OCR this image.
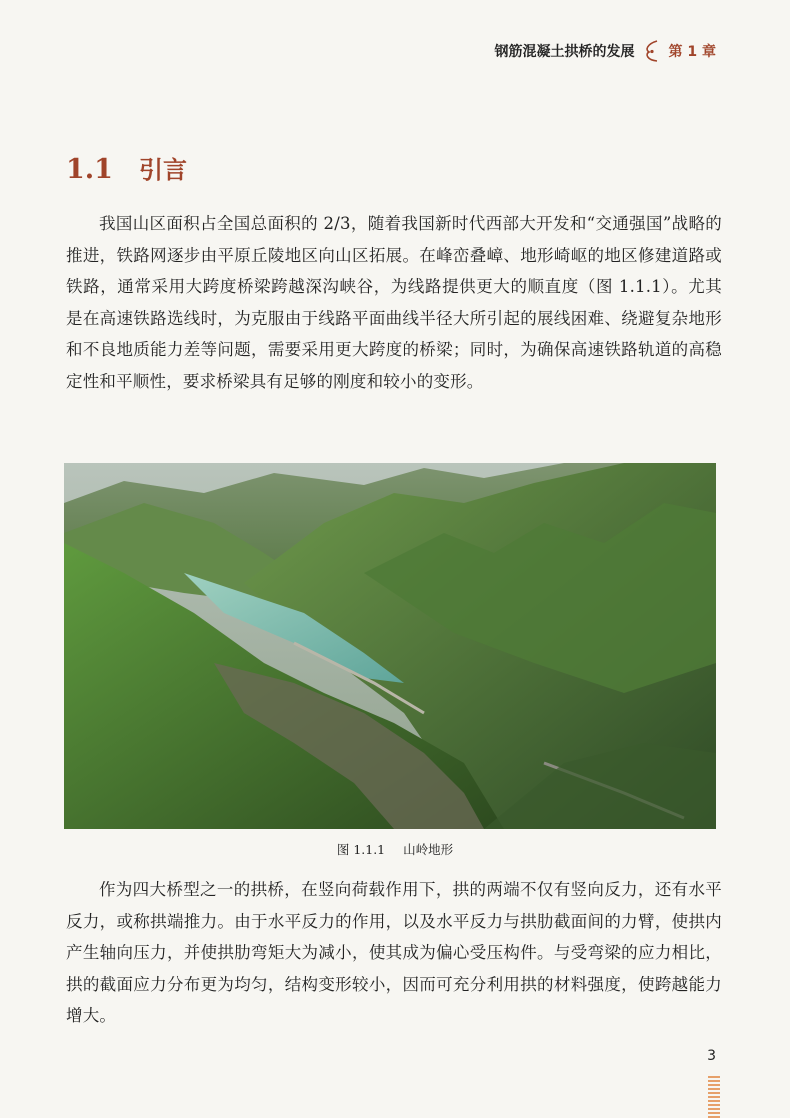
钢筋混凝土拱桥的发展 第 1 章
1.1 引言
我国山区面积占全国总面积的 2/3，随着我国新时代西部大开发和“交通强国”战略的推进，铁路网逐步由平原丘陵地区向山区拓展。在峰峦叠嶂、地形崎岖的地区修建道路或铁路，通常采用大跨度桥梁跨越深沟峡谷，为线路提供更大的顺直度（图 1.1.1）。尤其是在高速铁路选线时，为克服由于线路平面曲线半径大所引起的展线困难、绕避复杂地形和不良地质能力差等问题，需要采用更大跨度的桥梁；同时，为确保高速铁路轨道的高稳定性和平顺性，要求桥梁具有足够的刚度和较小的变形。
图 1.1.1 山岭地形
作为四大桥型之一的拱桥，在竖向荷载作用下，拱的两端不仅有竖向反力，还有水平反力，或称拱端推力。由于水平反力的作用，以及水平反力与拱肋截面间的力臂，使拱内产生轴向压力，并使拱肋弯矩大为减小，使其成为偏心受压构件。与受弯梁的应力相比，拱的截面应力分布更为均匀，结构变形较小，因而可充分利用拱的材料强度，使跨越能力增大。
3
